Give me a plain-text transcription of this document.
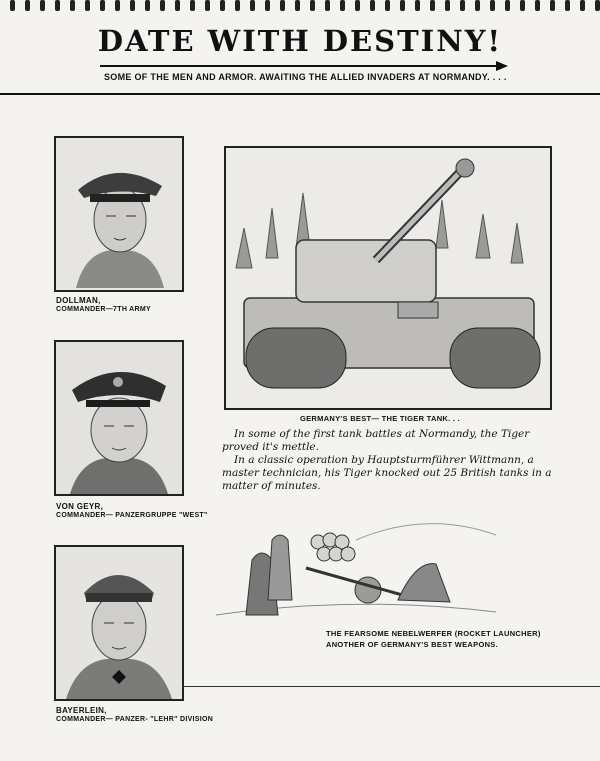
DATE WITH DESTINY!
SOME OF THE MEN AND ARMOR. AWAITING THE ALLIED INVADERS AT NORMANDY. . . .
DOLLMAN,
COMMANDER—7TH ARMY
VON GEYR,
COMMANDER— PANZERGRUPPE "WEST"
BAYERLEIN,
COMMANDER— PANZER- "LEHR" DIVISION
GERMANY'S BEST— THE TIGER TANK. . .

In some of the first tank battles at Normandy, the Tiger proved it's mettle.

In a classic operation by Hauptsturmführer Wittmann, a master technician, his Tiger knocked out 25 British tanks in a matter of minutes.

THE FEARSOME NEBELWERFER (ROCKET LAUNCHER)
ANOTHER OF GERMANY'S BEST WEAPONS.
